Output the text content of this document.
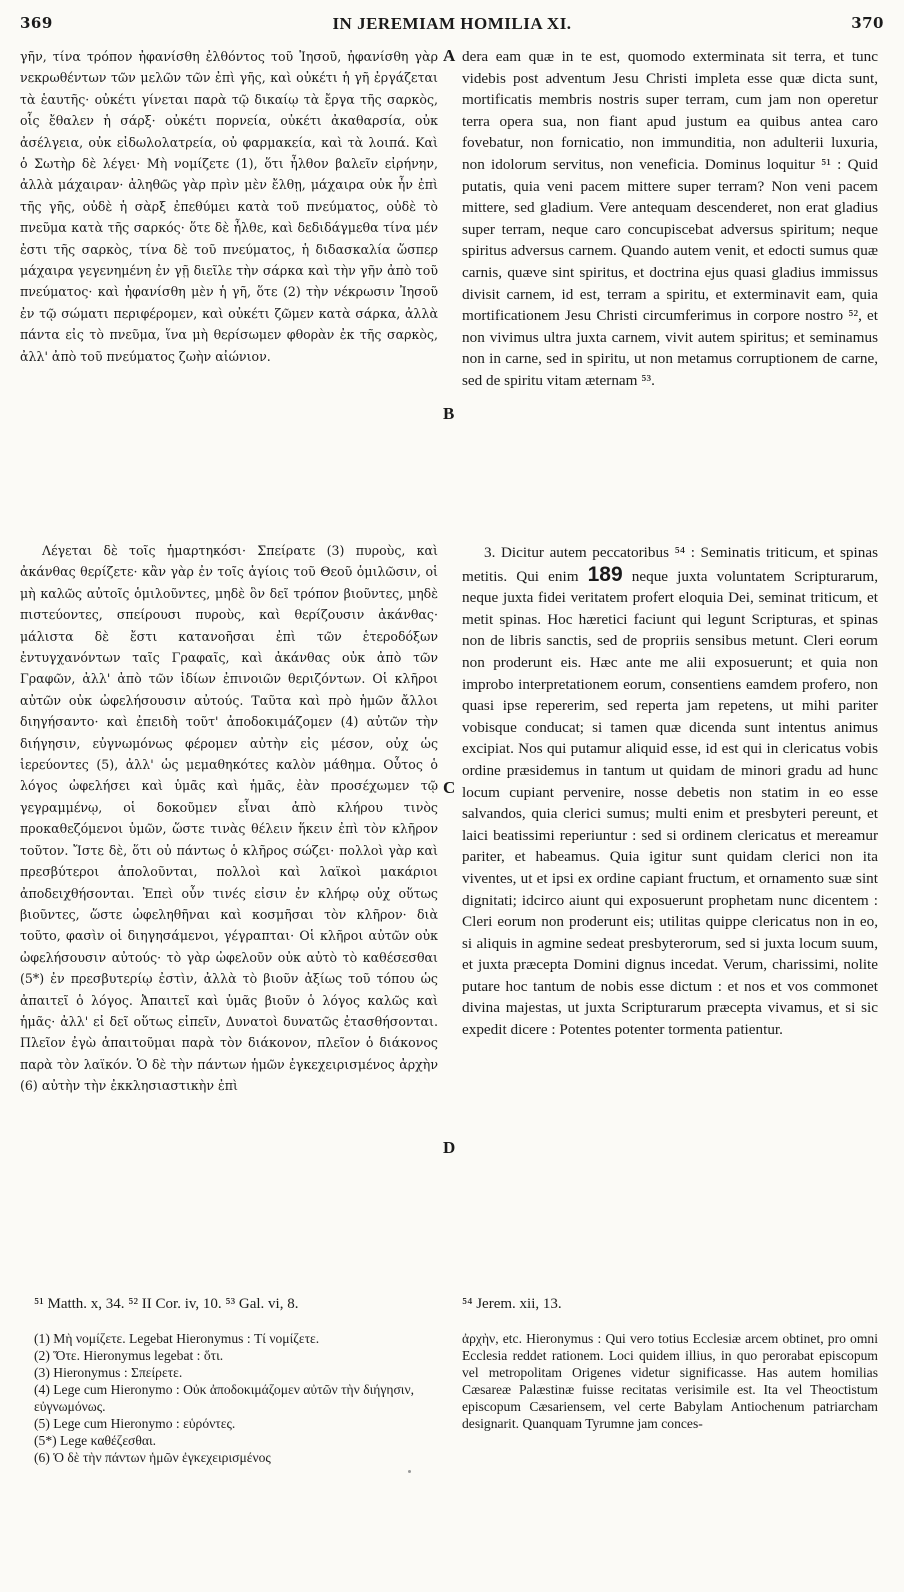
369	IN JEREMIAM HOMILIA XI.	370

γῆν, τίνα τρόπον ἠφανίσθη ἐλθόντος τοῦ Ἰησοῦ, ἠφανίσθη γὰρ νεκρωθέντων τῶν μελῶν τῶν ἐπὶ γῆς, καὶ οὐκέτι ἡ γῆ ἐργάζεται τὰ ἑαυτῆς· οὐκέτι γίνεται παρὰ τῷ δικαίῳ τὰ ἔργα τῆς σαρκὸς, οἷς ἔθαλεν ἡ σάρξ· οὐκέτι πορνεία, οὐκέτι ἀκαθαρσία, οὐκ ἀσέλγεια, οὐκ εἰδωλολατρεία, οὐ φαρμακεία, καὶ τὰ λοιπά. Καὶ ὁ Σωτὴρ δὲ λέγει· Μὴ νομίζετε (1), ὅτι ἦλθον βαλεῖν εἰρήνην, ἀλλὰ μάχαιραν· ἀληθῶς γὰρ πρὶν μὲν ἔλθῃ, μάχαιρα οὐκ ἦν ἐπὶ τῆς γῆς, οὐδὲ ἡ σὰρξ ἐπεθύμει κατὰ τοῦ πνεύματος, οὐδὲ τὸ πνεῦμα κατὰ τῆς σαρκός· ὅτε δὲ ἦλθε, καὶ δεδιδάγμεθα τίνα μέν ἐστι τῆς σαρκὸς, τίνα δὲ τοῦ πνεύματος, ἡ διδασκαλία ὥσπερ μάχαιρα γεγενημένη ἐν γῇ διεῖλε τὴν σάρκα καὶ τὴν γῆν ἀπὸ τοῦ πνεύματος· καὶ ἠφανίσθη μὲν ἡ γῆ, ὅτε (2) τὴν νέκρωσιν Ἰησοῦ ἐν τῷ σώματι περιφέρομεν, καὶ οὐκέτι ζῶμεν κατὰ σάρκα, ἀλλὰ πάντα εἰς τὸ πνεῦμα, ἵνα μὴ θερίσωμεν φθορὰν ἐκ τῆς σαρκὸς, ἀλλ' ἀπὸ τοῦ πνεύματος ζωὴν αἰώνιον.

Λέγεται δὲ τοῖς ἡμαρτηκόσι· Σπείρατε (3) πυροὺς, καὶ ἀκάνθας θερίζετε· κἂν γὰρ ἐν τοῖς ἁγίοις τοῦ Θεοῦ ὁμιλῶσιν, οἱ μὴ καλῶς αὐτοῖς ὁμιλοῦντες, μηδὲ ὃν δεῖ τρόπον βιοῦντες, μηδὲ πιστεύοντες, σπείρουσι πυροὺς, καὶ θερίζουσιν ἀκάνθας· μάλιστα δὲ ἔστι κατανοῆσαι ἐπὶ τῶν ἑτεροδόξων ἐντυγχανόντων ταῖς Γραφαῖς, καὶ ἀκάνθας οὐκ ἀπὸ τῶν Γραφῶν, ἀλλ' ἀπὸ τῶν ἰδίων ἐπινοιῶν θεριζόντων. Οἱ κλῆροι αὐτῶν οὐκ ὠφελήσουσιν αὐτούς. Ταῦτα καὶ πρὸ ἡμῶν ἄλλοι διηγήσαντο· καὶ ἐπειδὴ τοῦτ' ἀποδοκιμάζομεν (4) αὐτῶν τὴν διήγησιν, εὐγνωμόνως φέρομεν αὐτὴν εἰς μέσον, οὐχ ὡς ἱερεύοντες (5), ἀλλ' ὡς μεμαθηκότες καλὸν μάθημα. Οὗτος ὁ λόγος ὠφελήσει καὶ ὑμᾶς καὶ ἡμᾶς, ἐὰν προσέχωμεν τῷ γεγραμμένῳ, οἱ δοκοῦμεν εἶναι ἀπὸ κλήρου τινὸς προκαθεζόμενοι ὑμῶν, ὥστε τινὰς θέλειν ἥκειν ἐπὶ τὸν κλῆρον τοῦτον. Ἴστε δὲ, ὅτι οὐ πάντως ὁ κλῆρος σώζει· πολλοὶ γὰρ καὶ πρεσβύτεροι ἀπολοῦνται, πολλοὶ καὶ λαϊκοὶ μακάριοι ἀποδειχθήσονται. Ἐπεὶ οὖν τινές εἰσιν ἐν κλήρῳ οὐχ οὕτως βιοῦντες, ὥστε ὠφεληθῆναι καὶ κοσμῆσαι τὸν κλῆρον· διὰ τοῦτο, φασὶν οἱ διηγησάμενοι, γέγραπται· Οἱ κλῆροι αὐτῶν οὐκ ὠφελήσουσιν αὐτούς· τὸ γὰρ ὠφελοῦν οὐκ αὐτὸ τὸ καθέσεσθαι (5*) ἐν πρεσβυτερίῳ ἐστὶν, ἀλλὰ τὸ βιοῦν ἀξίως τοῦ τόπου ὡς ἀπαιτεῖ ὁ λόγος. Ἀπαιτεῖ καὶ ὑμᾶς βιοῦν ὁ λόγος καλῶς καὶ ἡμᾶς· ἀλλ' εἰ δεῖ οὕτως εἰπεῖν, Δυνατοὶ δυνατῶς ἐτασθήσονται. Πλεῖον ἐγὼ ἀπαιτοῦμαι παρὰ τὸν διάκονον, πλεῖον ὁ διάκονος παρὰ τὸν λαϊκόν. Ὁ δὲ τὴν πάντων ἡμῶν ἐγκεχειρισμένος ἀρχὴν (6) αὐτὴν τὴν ἐκκλησιαστικὴν ἐπὶ

dera eam quæ in te est, quomodo exterminata sit terra, et tunc videbis post adventum Jesu Christi impleta esse quæ dicta sunt, mortificatis membris nostris super terram, cum jam non operetur terra opera sua, non fiant apud justum ea quibus antea caro fovebatur, non fornicatio, non immunditia, non adulterii luxuria, non idolorum servitus, non veneficia. Dominus loquitur ⁵¹ : Quid putatis, quia veni pacem mittere super terram? Non veni pacem mittere, sed gladium. Vere antequam descenderet, non erat gladius super terram, neque caro concupiscebat adversus spiritum; neque spiritus adversus carnem. Quando autem venit, et edocti sumus quæ carnis, quæve sint spiritus, et doctrina ejus quasi gladius immissus divisit carnem, id est, terram a spiritu, et exterminavit eam, quia mortificationem Jesu Christi circumferimus in corpore nostro ⁵², et non vivimus ultra juxta carnem, vivit autem spiritus; et seminamus non in carne, sed in spiritu, ut non metamus corruptionem de carne, sed de spiritu vitam æternam ⁵³.

3. Dicitur autem peccatoribus ⁵⁴ : Seminatis triticum, et spinas metitis. Qui enim 189 neque juxta voluntatem Scripturarum, neque juxta fidei veritatem profert eloquia Dei, seminat triticum, et metit spinas. Hoc hæretici faciunt qui legunt Scripturas, et spinas non de libris sanctis, sed de propriis sensibus metunt. Cleri eorum non proderunt eis. Hæc ante me alii exposuerunt; et quia non improbo interpretationem eorum, consentiens eamdem profero, non quasi ipse repererim, sed reperta jam repetens, ut mihi pariter vobisque conducat; si tamen quæ dicenda sunt intentus animus excipiat. Nos qui putamur aliquid esse, id est qui in clericatus vobis ordine præsidemus in tantum ut quidam de minori gradu ad hunc locum cupiant pervenire, nosse debetis non statim in eo esse salvandos, quia clerici sumus; multi enim et presbyteri pereunt, et laici beatissimi reperiuntur : sed si ordinem clericatus et mereamur pariter, et habeamus. Quia igitur sunt quidam clerici non ita viventes, ut et ipsi ex ordine capiant fructum, et ornamento suæ sint dignitati; idcirco aiunt qui exposuerunt prophetam nunc dicentem : Cleri eorum non proderunt eis; utilitas quippe clericatus non in eo, si aliquis in agmine sedeat presbyterorum, sed si juxta locum suum, et juxta præcepta Domini dignus incedat. Verum, charissimi, nolite putare hoc tantum de nobis esse dictum : et nos et vos commonet divina majestas, ut juxta Scripturarum præcepta vivamus, et si sic expedit dicere : Potentes potenter tormenta patientur.

A
B
C
D
⁵¹ Matth. x, 34. ⁵² II Cor. iv, 10. ⁵³ Gal. vi, 8.	⁵⁴ Jerem. xii, 13.

(1) Μὴ νομίζετε. Legebat Hieronymus : Τί νομίζετε.

(2) Ὅτε. Hieronymus legebat : ὅτι.

(3) Hieronymus : Σπείρετε.

(4) Lege cum Hieronymo : Οὐκ ἀποδοκιμάζομεν αὐτῶν τὴν διήγησιν, εὐγνωμόνως.

(5) Lege cum Hieronymo : εὑρόντες.

(5*) Lege καθέζεσθαι.

(6) Ὁ δὲ τὴν πάντων ἡμῶν ἐγκεχειρισμένος

ἀρχὴν, etc. Hieronymus : Qui vero totius Ecclesiæ arcem obtinet, pro omni Ecclesia reddet rationem. Loci quidem illius, in quo perorabat episcopum vel metropolitam Origenes videtur significasse. Has autem homilias Cæsareæ Palæstinæ fuisse recitatas verisimile est. Ita vel Theoctistum episcopum Cæsariensem, vel certe Babylam Antiochenum patriarcham designarit. Quanquam Tyrumne jam conces-
